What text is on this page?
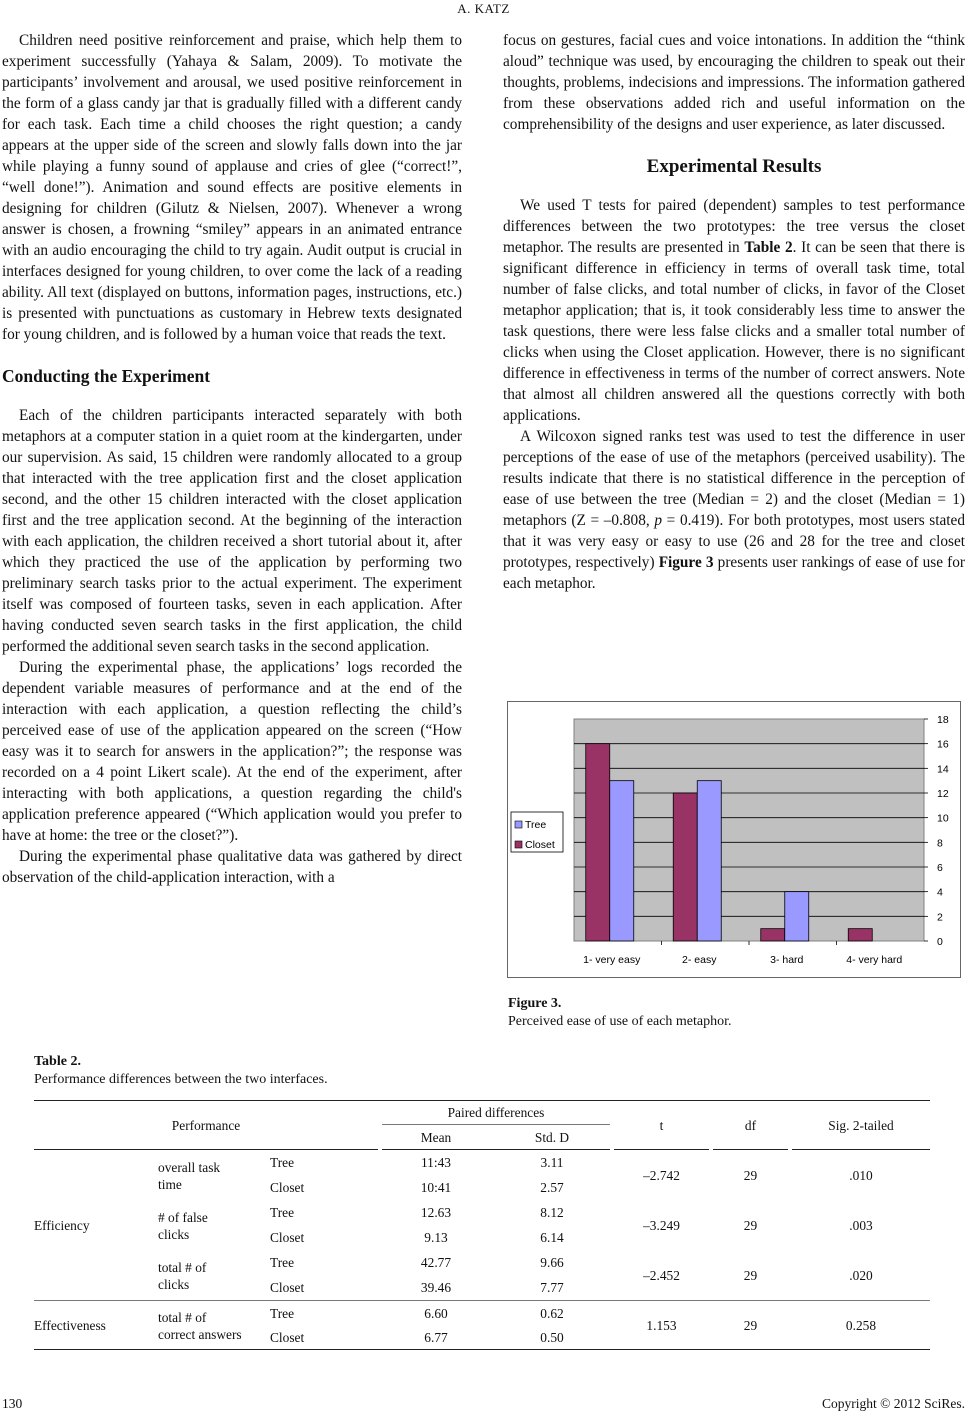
A. KATZ

Children need positive reinforcement and praise, which help them to experiment successfully (Yahaya & Salam, 2009). To motivate the participants’ involvement and arousal, we used positive reinforcement in the form of a glass candy jar that is gradually filled with a different candy for each task. Each time a child chooses the right question; a candy appears at the upper side of the screen and slowly falls down into the jar while playing a funny sound of applause and cries of glee (“correct!”, “well done!”). Animation and sound effects are positive elements in designing for children (Gilutz & Nielsen, 2007). Whenever a wrong answer is chosen, a frowning “smiley” appears in an animated entrance with an audio encouraging the child to try again. Audit output is crucial in interfaces designed for young children, to over come the lack of a reading ability. All text (displayed on buttons, information pages, instructions, etc.) is presented with punctuations as customary in Hebrew texts designated for young children, and is followed by a human voice that reads the text.

Conducting the Experiment

Each of the children participants interacted separately with both metaphors at a computer station in a quiet room at the kindergarten, under our supervision. As said, 15 children were randomly allocated to a group that interacted with the tree application first and the closet application second, and the other 15 children interacted with the closet application first and the tree application second. At the beginning of the interaction with each application, the children received a short tutorial about it, after which they practiced the use of the application by performing two preliminary search tasks prior to the actual experiment. The experiment itself was composed of fourteen tasks, seven in each application. After having conducted seven search tasks in the first application, the child performed the additional seven search tasks in the second application.

During the experimental phase, the applications’ logs recorded the dependent variable measures of performance and at the end of the interaction with each application, a question reflecting the child’s perceived ease of use of the application appeared on the screen (“How easy was it to search for answers in the application?”; the response was recorded on a 4 point Likert scale). At the end of the experiment, after interacting with both applications, a question regarding the child's application preference appeared (“Which application would you prefer to have at home: the tree or the closet?”).

During the experimental phase qualitative data was gathered by direct observation of the child-application interaction, with a

focus on gestures, facial cues and voice intonations. In addition the “think aloud” technique was used, by encouraging the children to speak out their thoughts, problems, indecisions and impressions. The information gathered from these observations added rich and useful information on the comprehensibility of the designs and user experience, as later discussed.

Experimental Results

We used T tests for paired (dependent) samples to test performance differences between the two prototypes: the tree versus the closet metaphor. The results are presented in Table 2. It can be seen that there is significant difference in efficiency in terms of overall task time, total number of false clicks, and total number of clicks, in favor of the Closet metaphor application; that is, it took considerably less time to answer the task questions, there were less false clicks and a smaller total number of clicks when using the Closet application. However, there is no significant difference in effectiveness in terms of the number of correct answers. Note that almost all children answered all the questions correctly with both applications.

A Wilcoxon signed ranks test was used to test the difference in user perceptions of the ease of use of the metaphors (perceived usability). The results indicate that there is no statistical difference in the perception of ease of use between the tree (Median = 2) and the closet (Median = 1) metaphors (Z = –0.808, p = 0.419). For both prototypes, most users stated that it was very easy or easy to use (26 and 28 for the tree and closet prototypes, respectively) Figure 3 presents user rankings of ease of use for each metaphor.

0
2
4
6
8
10
12
14
16
18
1- very easy	2- easy	3- hard	4- very hard
Tree
Closet
Figure 3.
Perceived ease of use of each metaphor.
Table 2.
Performance differences between the two interfaces.
Performance						Paired differences				t		df		Sig. 2-tailed
						Mean		Std. D						
Efficiency		overall task
time		Tree		11:43		3.11		–2.742		29		.010
				Closet		10:41		2.57						

		# of false
clicks		Tree		12.63		8.12		–3.249		29		.003
				Closet		9.13		6.14						

		total # of
clicks		Tree		42.77		9.66		–2.452		29		.020
				Closet		39.46		7.77						
Effectiveness		total # of
correct answers		Tree		6.60		0.62		1.153		29		0.258
				Closet		6.77		0.50						
130	Copyright © 2012 SciRes.
